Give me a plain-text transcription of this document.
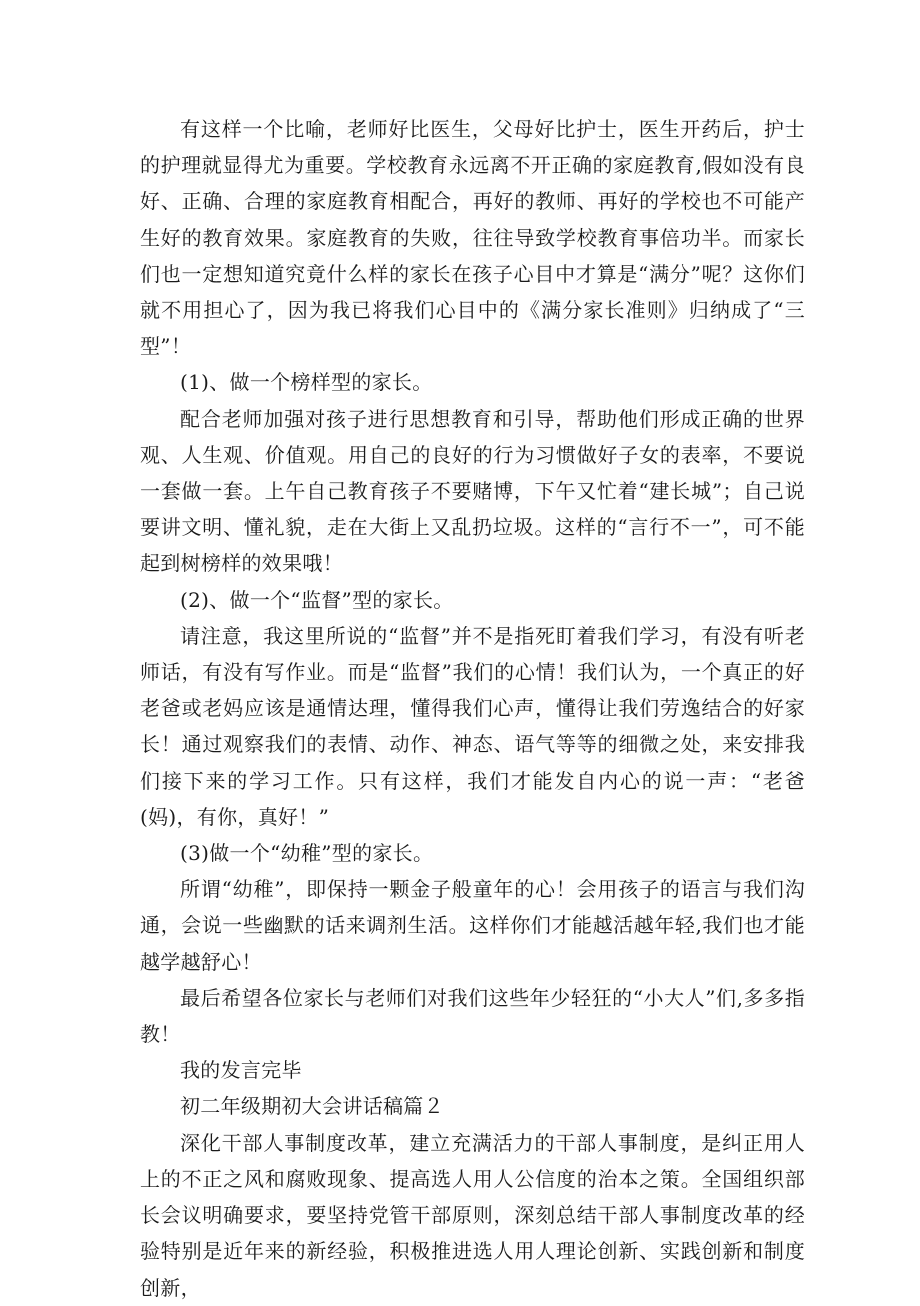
有这样一个比喻，老师好比医生，父母好比护士，医生开药后，护士的护理就显得尤为重要。学校教育永远离不开正确的家庭教育,假如没有良好、正确、合理的家庭教育相配合，再好的教师、再好的学校也不可能产生好的教育效果。家庭教育的失败，往往导致学校教育事倍功半。而家长们也一定想知道究竟什么样的家长在孩子心目中才算是“满分”呢？这你们就不用担心了，因为我已将我们心目中的《满分家长准则》归纳成了“三型”！

(1)、做一个榜样型的家长。

配合老师加强对孩子进行思想教育和引导，帮助他们形成正确的世界观、人生观、价值观。用自己的良好的行为习惯做好子女的表率，不要说一套做一套。上午自己教育孩子不要赌博，下午又忙着“建长城”；自己说要讲文明、懂礼貌，走在大街上又乱扔垃圾。这样的“言行不一”，可不能起到树榜样的效果哦！

(2)、做一个“监督”型的家长。

请注意，我这里所说的“监督”并不是指死盯着我们学习，有没有听老师话，有没有写作业。而是“监督”我们的心情！我们认为，一个真正的好老爸或老妈应该是通情达理，懂得我们心声，懂得让我们劳逸结合的好家长！通过观察我们的表情、动作、神态、语气等等的细微之处，来安排我们接下来的学习工作。只有这样，我们才能发自内心的说一声：“老爸(妈)，有你，真好！”

(3)做一个“幼稚”型的家长。

所谓“幼稚”，即保持一颗金子般童年的心！会用孩子的语言与我们沟通，会说一些幽默的话来调剂生活。这样你们才能越活越年轻,我们也才能越学越舒心！

最后希望各位家长与老师们对我们这些年少轻狂的“小大人”们,多多指教！

我的发言完毕

初二年级期初大会讲话稿篇２

深化干部人事制度改革，建立充满活力的干部人事制度，是纠正用人上的不正之风和腐败现象、提高选人用人公信度的治本之策。全国组织部长会议明确要求，要坚持党管干部原则，深刻总结干部人事制度改革的经验特别是近年来的新经验，积极推进选人用人理论创新、实践创新和制度创新，
